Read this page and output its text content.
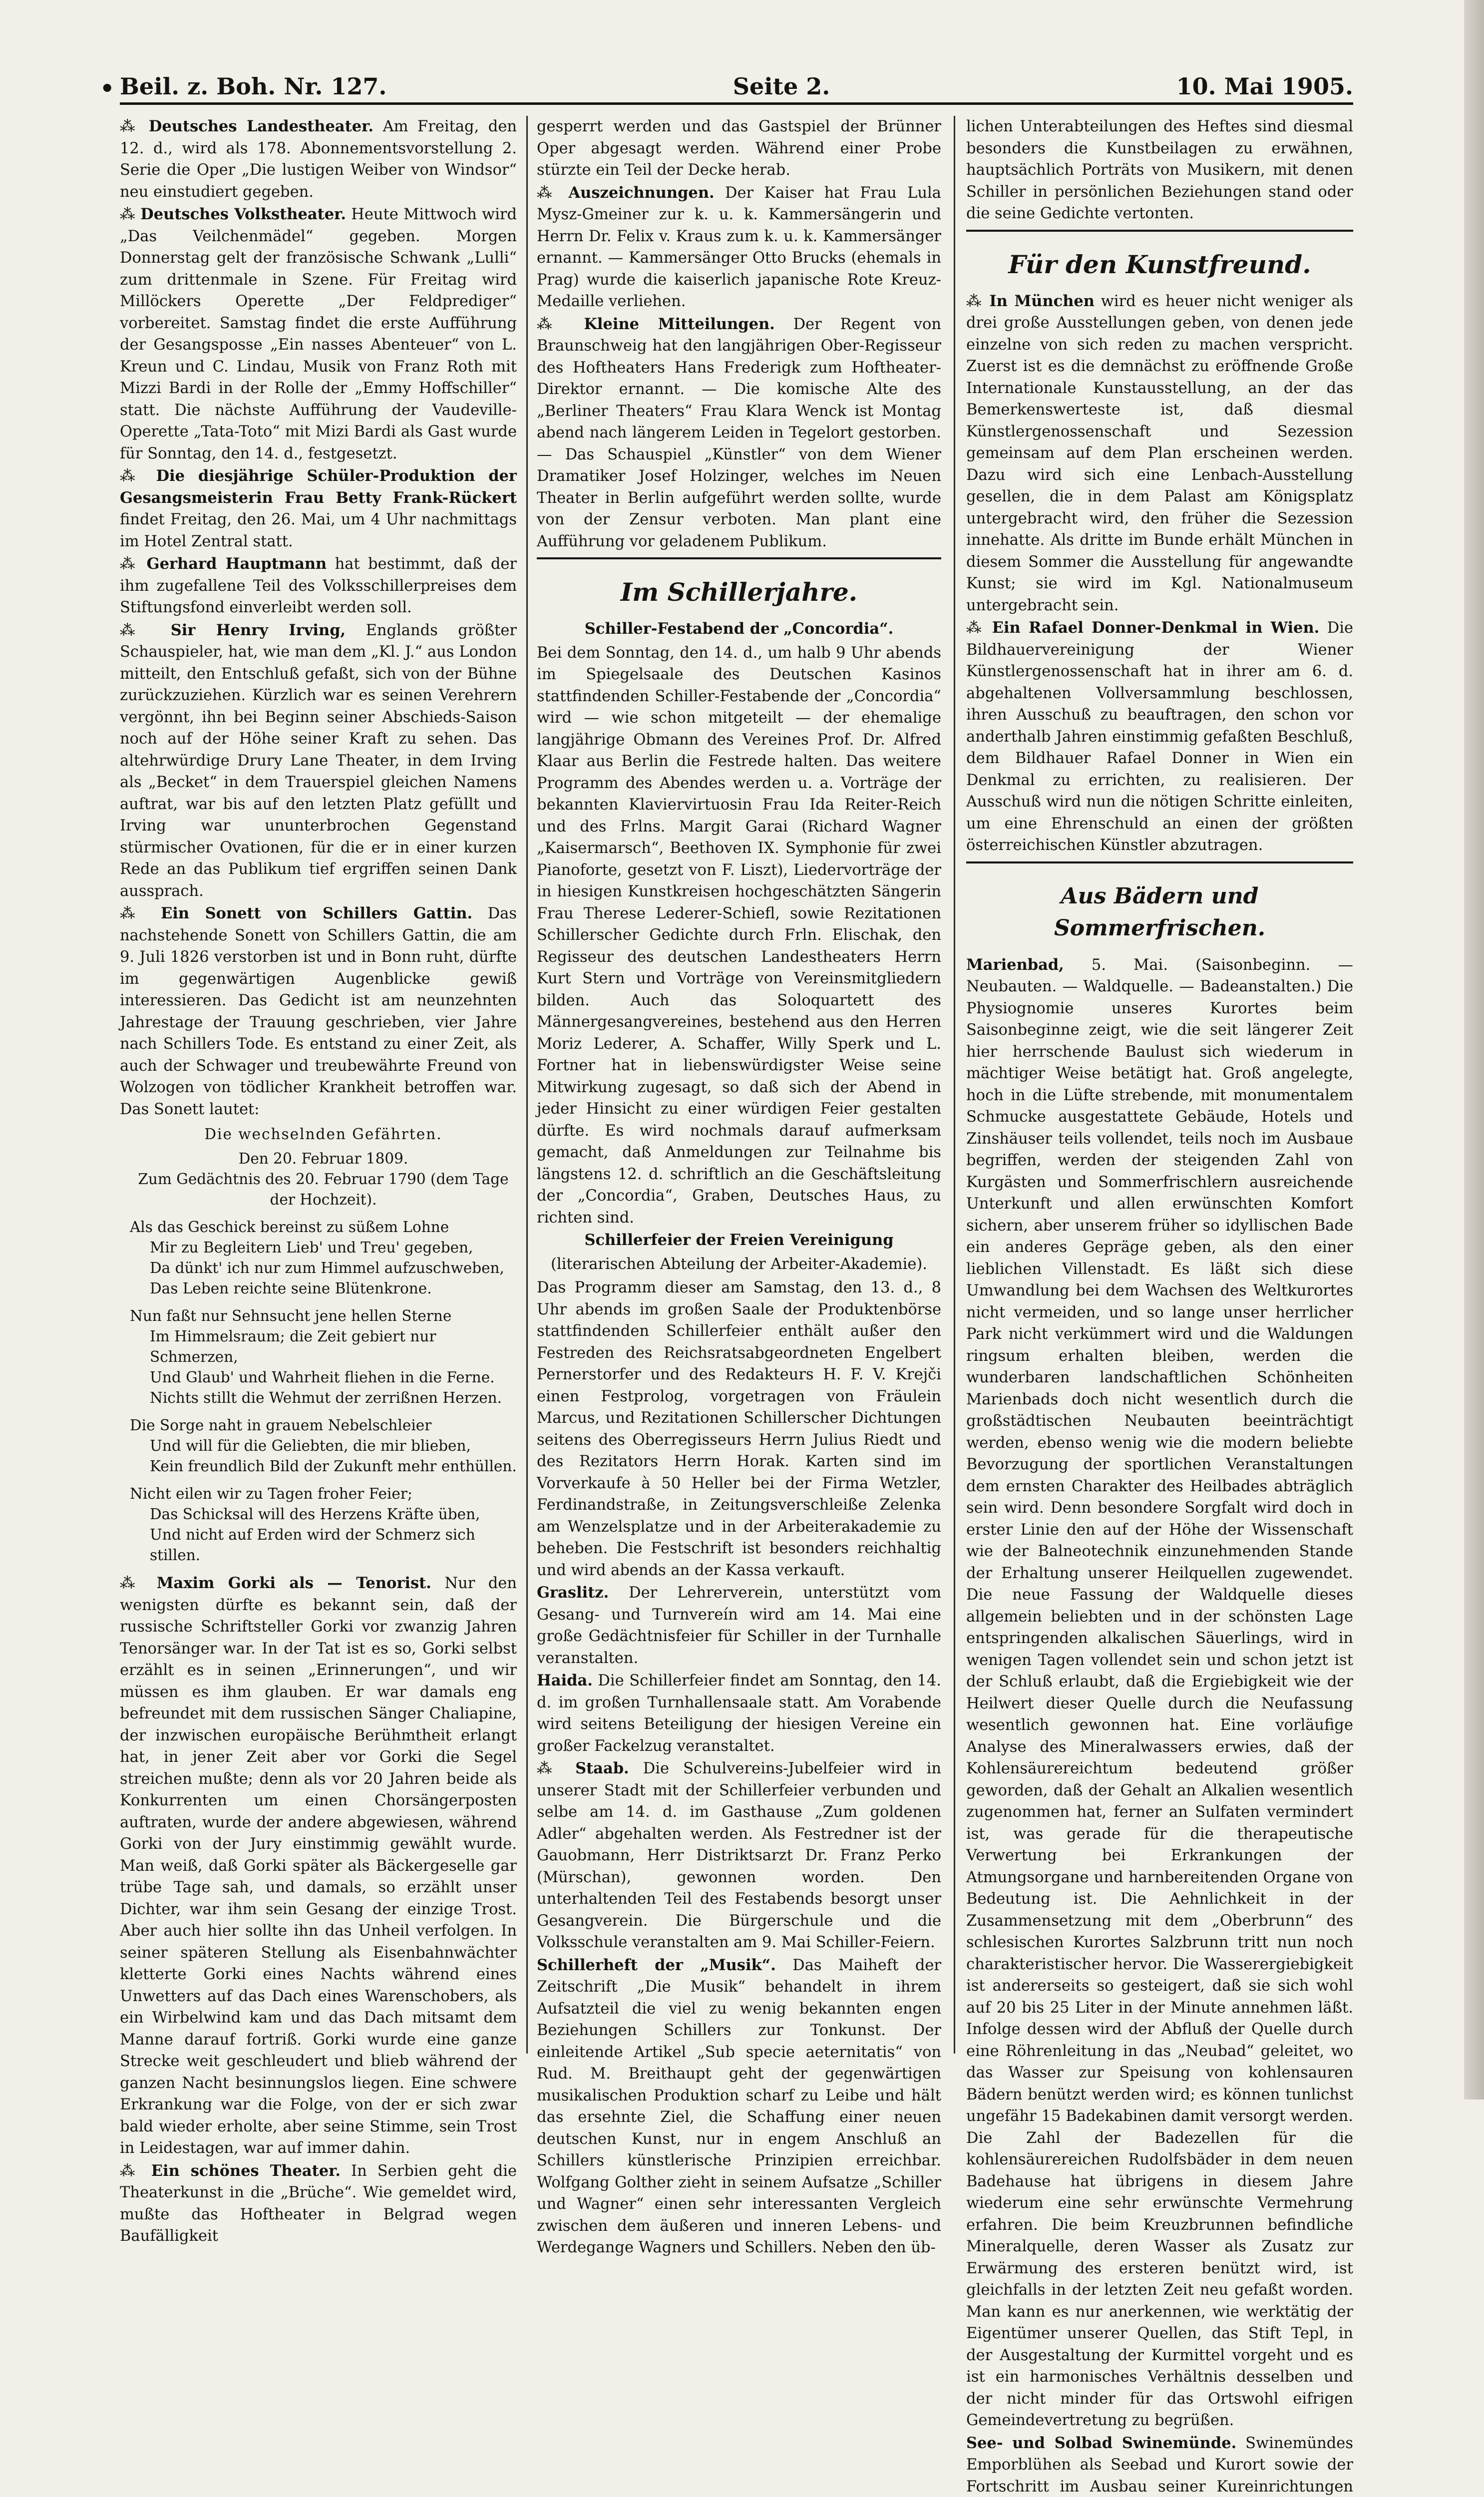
• Beil. z. Boh. Nr. 127.	Seite 2.	10. Mai 1905.

⁂ Deutsches Landestheater. Am Freitag, den 12. d., wird als 178. Abonnementsvorstellung 2. Serie die Oper „Die lustigen Weiber von Windsor“ neu einstudiert gegeben.

⁂ Deutsches Volkstheater. Heute Mittwoch wird „Das Veilchenmädel“ gegeben. Morgen Donnerstag gelt der französische Schwank „Lulli“ zum drittenmale in Szene. Für Freitag wird Millöckers Operette „Der Feldprediger“ vorbereitet. Samstag findet die erste Aufführung der Gesangsposse „Ein nasses Abenteuer“ von L. Kreun und C. Lindau, Musik von Franz Roth mit Mizzi Bardi in der Rolle der „Emmy Hoffschiller“ statt. Die nächste Aufführung der Vaudeville-Operette „Tata-Toto“ mit Mizi Bardi als Gast wurde für Sonntag, den 14. d., festgesetzt.

⁂ Die diesjährige Schüler-Produktion der Gesangsmeisterin Frau Betty Frank-Rückert findet Freitag, den 26. Mai, um 4 Uhr nachmittags im Hotel Zentral statt.

⁂ Gerhard Hauptmann hat bestimmt, daß der ihm zugefallene Teil des Volksschillerpreises dem Stiftungsfond einverleibt werden soll.

⁂ Sir Henry Irving, Englands größter Schauspieler, hat, wie man dem „Kl. J.“ aus London mitteilt, den Entschluß gefaßt, sich von der Bühne zurückzuziehen. Kürzlich war es seinen Verehrern vergönnt, ihn bei Beginn seiner Abschieds-Saison noch auf der Höhe seiner Kraft zu sehen. Das altehrwürdige Drury Lane Theater, in dem Irving als „Becket“ in dem Trauerspiel gleichen Namens auftrat, war bis auf den letzten Platz gefüllt und Irving war ununterbrochen Gegenstand stürmischer Ovationen, für die er in einer kurzen Rede an das Publikum tief ergriffen seinen Dank aussprach.

⁂ Ein Sonett von Schillers Gattin. Das nachstehende Sonett von Schillers Gattin, die am 9. Juli 1826 verstorben ist und in Bonn ruht, dürfte im gegenwärtigen Augenblicke gewiß interessieren. Das Gedicht ist am neunzehnten Jahrestage der Trauung geschrieben, vier Jahre nach Schillers Tode. Es entstand zu einer Zeit, als auch der Schwager und treubewährte Freund von Wolzogen von tödlicher Krankheit betroffen war. Das Sonett lautet:

Die wechselnden Gefährten.
Den 20. Februar 1809.
Zum Gedächtnis des 20. Februar 1790 (dem Tage der Hochzeit).
Als das Geschick bereinst zu süßem Lohne
Mir zu Begleitern Lieb' und Treu' gegeben,
Da dünkt' ich nur zum Himmel aufzuschweben,
Das Leben reichte seine Blütenkrone.
Nun faßt nur Sehnsucht jene hellen Sterne
Im Himmelsraum; die Zeit gebiert nur Schmerzen,
Und Glaub' und Wahrheit fliehen in die Ferne.
Nichts stillt die Wehmut der zerrißnen Herzen.
Die Sorge naht in grauem Nebelschleier
Und will für die Geliebten, die mir blieben,
Kein freundlich Bild der Zukunft mehr enthüllen.
Nicht eilen wir zu Tagen froher Feier;
Das Schicksal will des Herzens Kräfte üben,
Und nicht auf Erden wird der Schmerz sich stillen.

⁂ Maxim Gorki als — Tenorist. Nur den wenigsten dürfte es bekannt sein, daß der russische Schriftsteller Gorki vor zwanzig Jahren Tenorsänger war. In der Tat ist es so, Gorki selbst erzählt es in seinen „Erinnerungen“, und wir müssen es ihm glauben. Er war damals eng befreundet mit dem russischen Sänger Chaliapine, der inzwischen europäische Berühmtheit erlangt hat, in jener Zeit aber vor Gorki die Segel streichen mußte; denn als vor 20 Jahren beide als Konkurrenten um einen Chorsängerposten auftraten, wurde der andere abgewiesen, während Gorki von der Jury einstimmig gewählt wurde. Man weiß, daß Gorki später als Bäckergeselle gar trübe Tage sah, und damals, so erzählt unser Dichter, war ihm sein Gesang der einzige Trost. Aber auch hier sollte ihn das Unheil verfolgen. In seiner späteren Stellung als Eisenbahnwächter kletterte Gorki eines Nachts während eines Unwetters auf das Dach eines Warenschobers, als ein Wirbelwind kam und das Dach mitsamt dem Manne darauf fortriß. Gorki wurde eine ganze Strecke weit geschleudert und blieb während der ganzen Nacht besinnungslos liegen. Eine schwere Erkrankung war die Folge, von der er sich zwar bald wieder erholte, aber seine Stimme, sein Trost in Leidestagen, war auf immer dahin.

⁂ Ein schönes Theater. In Serbien geht die Theaterkunst in die „Brüche“. Wie gemeldet wird, mußte das Hoftheater in Belgrad wegen Baufälligkeit

gesperrt werden und das Gastspiel der Brünner Oper abgesagt werden. Während einer Probe stürzte ein Teil der Decke herab.

⁂ Auszeichnungen. Der Kaiser hat Frau Lula Mysz-Gmeiner zur k. u. k. Kammersängerin und Herrn Dr. Felix v. Kraus zum k. u. k. Kammersänger ernannt. — Kammersänger Otto Brucks (ehemals in Prag) wurde die kaiserlich japanische Rote Kreuz-Medaille verliehen.

⁂ Kleine Mitteilungen. Der Regent von Braunschweig hat den langjährigen Ober-Regisseur des Hoftheaters Hans Frederigk zum Hoftheater-Direktor ernannt. — Die komische Alte des „Berliner Theaters“ Frau Klara Wenck ist Montag abend nach längerem Leiden in Tegelort gestorben. — Das Schauspiel „Künstler“ von dem Wiener Dramatiker Josef Holzinger, welches im Neuen Theater in Berlin aufgeführt werden sollte, wurde von der Zensur verboten. Man plant eine Aufführung vor geladenem Publikum.

Im Schillerjahre.
Schiller-Festabend der „Concordia“.

Bei dem Sonntag, den 14. d., um halb 9 Uhr abends im Spiegelsaale des Deutschen Kasinos stattfindenden Schiller-Festabende der „Concordia“ wird — wie schon mitgeteilt — der ehemalige langjährige Obmann des Vereines Prof. Dr. Alfred Klaar aus Berlin die Festrede halten. Das weitere Programm des Abendes werden u. a. Vorträge der bekannten Klaviervirtuosin Frau Ida Reiter-Reich und des Frlns. Margit Garai (Richard Wagner „Kaisermarsch“, Beethoven IX. Symphonie für zwei Pianoforte, gesetzt von F. Liszt), Liedervorträge der in hiesigen Kunstkreisen hochgeschätzten Sängerin Frau Therese Lederer-Schiefl, sowie Rezitationen Schillerscher Gedichte durch Frln. Elischak, den Regisseur des deutschen Landestheaters Herrn Kurt Stern und Vorträge von Vereinsmitgliedern bilden. Auch das Soloquartett des Männergesangvereines, bestehend aus den Herren Moriz Lederer, A. Schaffer, Willy Sperk und L. Fortner hat in liebenswürdigster Weise seine Mitwirkung zugesagt, so daß sich der Abend in jeder Hinsicht zu einer würdigen Feier gestalten dürfte. Es wird nochmals darauf aufmerksam gemacht, daß Anmeldungen zur Teilnahme bis längstens 12. d. schriftlich an die Geschäftsleitung der „Concordia“, Graben, Deutsches Haus, zu richten sind.

Schillerfeier der Freien Vereinigung
(literarischen Abteilung der Arbeiter-Akademie).

Das Programm dieser am Samstag, den 13. d., 8 Uhr abends im großen Saale der Produktenbörse stattfindenden Schillerfeier enthält außer den Festreden des Reichsratsabgeordneten Engelbert Pernerstorfer und des Redakteurs H. F. V. Krejči einen Festprolog, vorgetragen von Fräulein Marcus, und Rezitationen Schillerscher Dichtungen seitens des Oberregisseurs Herrn Julius Riedt und des Rezitators Herrn Horak. Karten sind im Vorverkaufe à 50 Heller bei der Firma Wetzler, Ferdinandstraße, in Zeitungsverschleiße Zelenka am Wenzelsplatze und in der Arbeiterakademie zu beheben. Die Festschrift ist besonders reichhaltig und wird abends an der Kassa verkauft.

Graslitz. Der Lehrerverein, unterstützt vom Gesang- und Turnvereín wird am 14. Mai eine große Gedächtnisfeier für Schiller in der Turnhalle veranstalten.

Haida. Die Schillerfeier findet am Sonntag, den 14. d. im großen Turnhallensaale statt. Am Vorabende wird seitens Beteiligung der hiesigen Vereine ein großer Fackelzug veranstaltet.

⁂ Staab. Die Schulvereins-Jubelfeier wird in unserer Stadt mit der Schillerfeier verbunden und selbe am 14. d. im Gasthause „Zum goldenen Adler“ abgehalten werden. Als Festredner ist der Gauobmann, Herr Distriktsarzt Dr. Franz Perko (Mürschan), gewonnen worden. Den unterhaltenden Teil des Festabends besorgt unser Gesangverein. Die Bürgerschule und die Volksschule veranstalten am 9. Mai Schiller-Feiern.

Schillerheft der „Musik“. Das Maiheft der Zeitschrift „Die Musik“ behandelt in ihrem Aufsatzteil die viel zu wenig bekannten engen Beziehungen Schillers zur Tonkunst. Der einleitende Artikel „Sub specie aeternitatis“ von Rud. M. Breithaupt geht der gegenwärtigen musikalischen Produktion scharf zu Leibe und hält das ersehnte Ziel, die Schaffung einer neuen deutschen Kunst, nur in engem Anschluß an Schillers künstlerische Prinzipien erreichbar. Wolfgang Golther zieht in seinem Aufsatze „Schiller und Wagner“ einen sehr interessanten Vergleich zwischen dem äußeren und inneren Lebens- und Werdegange Wagners und Schillers. Neben den üb-

lichen Unterabteilungen des Heftes sind diesmal besonders die Kunstbeilagen zu erwähnen, hauptsächlich Porträts von Musikern, mit denen Schiller in persönlichen Beziehungen stand oder die seine Gedichte vertonten.

Für den Kunstfreund.

⁂ In München wird es heuer nicht weniger als drei große Ausstellungen geben, von denen jede einzelne von sich reden zu machen verspricht. Zuerst ist es die demnächst zu eröffnende Große Internationale Kunstausstellung, an der das Bemerkenswerteste ist, daß diesmal Künstlergenossenschaft und Sezession gemeinsam auf dem Plan erscheinen werden. Dazu wird sich eine Lenbach-Ausstellung gesellen, die in dem Palast am Königsplatz untergebracht wird, den früher die Sezession innehatte. Als dritte im Bunde erhält München in diesem Sommer die Ausstellung für angewandte Kunst; sie wird im Kgl. Nationalmuseum untergebracht sein.

⁂ Ein Rafael Donner-Denkmal in Wien. Die Bildhauervereinigung der Wiener Künstlergenossenschaft hat in ihrer am 6. d. abgehaltenen Vollversammlung beschlossen, ihren Ausschuß zu beauftragen, den schon vor anderthalb Jahren einstimmig gefaßten Beschluß, dem Bildhauer Rafael Donner in Wien ein Denkmal zu errichten, zu realisieren. Der Ausschuß wird nun die nötigen Schritte einleiten, um eine Ehrenschuld an einen der größten österreichischen Künstler abzutragen.

Aus Bädern und Sommerfrischen.

Marienbad, 5. Mai. (Saisonbeginn. — Neubauten. — Waldquelle. — Badeanstalten.) Die Physiognomie unseres Kurortes beim Saisonbeginne zeigt, wie die seit längerer Zeit hier herrschende Baulust sich wiederum in mächtiger Weise betätigt hat. Groß angelegte, hoch in die Lüfte strebende, mit monumentalem Schmucke ausgestattete Gebäude, Hotels und Zinshäuser teils vollendet, teils noch im Ausbaue begriffen, werden der steigenden Zahl von Kurgästen und Sommerfrischlern ausreichende Unterkunft und allen erwünschten Komfort sichern, aber unserem früher so idyllischen Bade ein anderes Gepräge geben, als den einer lieblichen Villenstadt. Es läßt sich diese Umwandlung bei dem Wachsen des Weltkurortes nicht vermeiden, und so lange unser herrlicher Park nicht verkümmert wird und die Waldungen ringsum erhalten bleiben, werden die wunderbaren landschaftlichen Schönheiten Marienbads doch nicht wesentlich durch die großstädtischen Neubauten beeinträchtigt werden, ebenso wenig wie die modern beliebte Bevorzugung der sportlichen Veranstaltungen dem ernsten Charakter des Heilbades abträglich sein wird. Denn besondere Sorgfalt wird doch in erster Linie den auf der Höhe der Wissenschaft wie der Balneotechnik einzunehmenden Stande der Erhaltung unserer Heilquellen zugewendet. Die neue Fassung der Waldquelle dieses allgemein beliebten und in der schönsten Lage entspringenden alkalischen Säuerlings, wird in wenigen Tagen vollendet sein und schon jetzt ist der Schluß erlaubt, daß die Ergiebigkeit wie der Heilwert dieser Quelle durch die Neufassung wesentlich gewonnen hat. Eine vorläufige Analyse des Mineralwassers erwies, daß der Kohlensäurereichtum bedeutend größer geworden, daß der Gehalt an Alkalien wesentlich zugenommen hat, ferner an Sulfaten vermindert ist, was gerade für die therapeutische Verwertung bei Erkrankungen der Atmungsorgane und harnbereitenden Organe von Bedeutung ist. Die Aehnlichkeit in der Zusammensetzung mit dem „Oberbrunn“ des schlesischen Kurortes Salzbrunn tritt nun noch charakteristischer hervor. Die Wasserergiebigkeit ist andererseits so gesteigert, daß sie sich wohl auf 20 bis 25 Liter in der Minute annehmen läßt. Infolge dessen wird der Abfluß der Quelle durch eine Röhrenleitung in das „Neubad“ geleitet, wo das Wasser zur Speisung von kohlensauren Bädern benützt werden wird; es können tunlichst ungefähr 15 Badekabinen damit versorgt werden. Die Zahl der Badezellen für die kohlensäurereichen Rudolfsbäder in dem neuen Badehause hat übrigens in diesem Jahre wiederum eine sehr erwünschte Vermehrung erfahren. Die beim Kreuzbrunnen befindliche Mineralquelle, deren Wasser als Zusatz zur Erwärmung des ersteren benützt wird, ist gleichfalls in der letzten Zeit neu gefaßt worden. Man kann es nur anerkennen, wie werktätig der Eigentümer unserer Quellen, das Stift Tepl, in der Ausgestaltung der Kurmittel vorgeht und es ist ein harmonisches Verhältnis desselben und der nicht minder für das Ortswohl eifrigen Gemeindevertretung zu begrüßen.

See- und Solbad Swinemünde. Swinemündes Emporblühen als Seebad und Kurort sowie der Fortschritt im Ausbau seiner Kureinrichtungen
